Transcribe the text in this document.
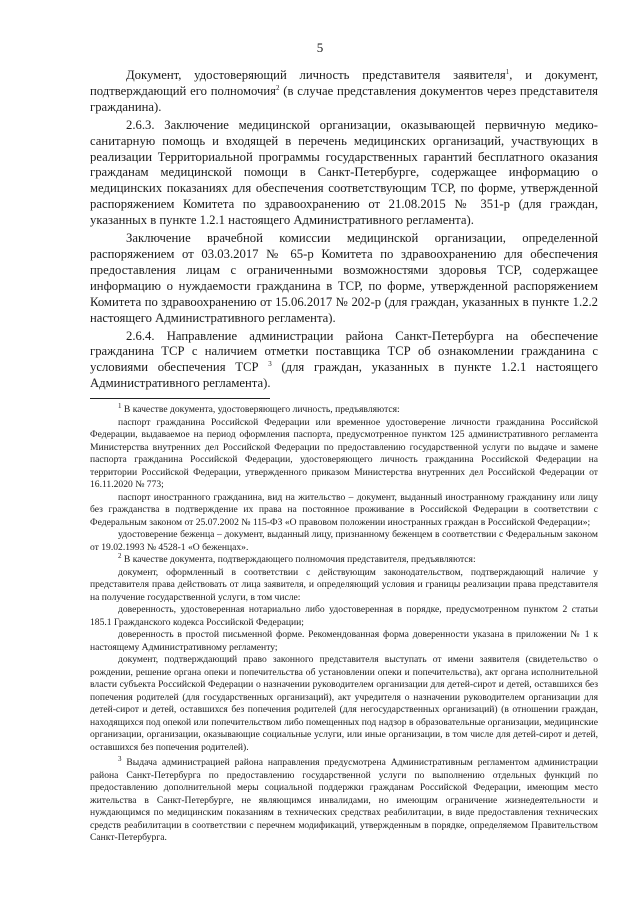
5

Документ, удостоверяющий личность представителя заявителя$^1$, и документ, подтверждающий его полномочия$^2$ (в случае представления документов через представителя гражданина).

2.6.3. Заключение медицинской организации, оказывающей первичную медико-санитарную помощь и входящей в перечень медицинских организаций, участвующих в реализации Территориальной программы государственных гарантий бесплатного оказания гражданам медицинской помощи в Санкт-Петербурге, содержащее информацию о медицинских показаниях для обеспечения соответствующим ТСР, по форме, утвержденной распоряжением Комитета по здравоохранению от 21.08.2015 № 351-р (для граждан, указанных в пункте 1.2.1 настоящего Административного регламента).

Заключение врачебной комиссии медицинской организации, определенной распоряжением от 03.03.2017 № 65-р Комитета по здравоохранению для обеспечения предоставления лицам с ограниченными возможностями здоровья ТСР, содержащее информацию о нуждаемости гражданина в ТСР, по форме, утвержденной распоряжением Комитета по здравоохранению от 15.06.2017 № 202-р (для граждан, указанных в пункте 1.2.2 настоящего Административного регламента).

2.6.4. Направление администрации района Санкт-Петербурга на обеспечение гражданина ТСР с наличием отметки поставщика ТСР об ознакомлении гражданина с условиями обеспечения ТСР $^3$ (для граждан, указанных в пункте 1.2.1 настоящего Административного регламента).

$^1$ В качестве документа, удостоверяющего личность, предъявляются:

паспорт гражданина Российской Федерации или временное удостоверение личности гражданина Российской Федерации, выдаваемое на период оформления паспорта, предусмотренное пунктом 125 административного регламента Министерства внутренних дел Российской Федерации по предоставлению государственной услуги по выдаче и замене паспорта гражданина Российской Федерации, удостоверяющего личность гражданина Российской Федерации на территории Российской Федерации, утвержденного приказом Министерства внутренних дел Российской Федерации от 16.11.2020 № 773;

паспорт иностранного гражданина, вид на жительство – документ, выданный иностранному гражданину или лицу без гражданства в подтверждение их права на постоянное проживание в Российской Федерации в соответствии с Федеральным законом от 25.07.2002 № 115-ФЗ «О правовом положении иностранных граждан в Российской Федерации»;

удостоверение беженца – документ, выданный лицу, признанному беженцем в соответствии с Федеральным законом от 19.02.1993 № 4528-1 «О беженцах».

$^2$ В качестве документа, подтверждающего полномочия представителя, предъявляются:

документ, оформленный в соответствии с действующим законодательством, подтверждающий наличие у представителя права действовать от лица заявителя, и определяющий условия и границы реализации права представителя на получение государственной услуги, в том числе:

доверенность, удостоверенная нотариально либо удостоверенная в порядке, предусмотренном пунктом 2 статьи 185.1 Гражданского кодекса Российской Федерации;

доверенность в простой письменной форме. Рекомендованная форма доверенности указана в приложении № 1 к настоящему Административному регламенту;

документ, подтверждающий право законного представителя выступать от имени заявителя (свидетельство о рождении, решение органа опеки и попечительства об установлении опеки и попечительства), акт органа исполнительной власти субъекта Российской Федерации о назначении руководителем организации для детей-сирот и детей, оставшихся без попечения родителей (для государственных организаций), акт учредителя о назначении руководителем организации для детей-сирот и детей, оставшихся без попечения родителей (для негосударственных организаций) (в отношении граждан, находящихся под опекой или попечительством либо помещенных под надзор в образовательные организации, медицинские организации, организации, оказывающие социальные услуги, или иные организации, в том числе для детей-сирот и детей, оставшихся без попечения родителей).

$^3$ Выдача администрацией района направления предусмотрена Административным регламентом администрации района Санкт-Петербурга по предоставлению государственной услуги по выполнению отдельных функций по предоставлению дополнительной меры социальной поддержки гражданам Российской Федерации, имеющим место жительства в Санкт-Петербурге, не являющимся инвалидами, но имеющим ограничение жизнедеятельности и нуждающимся по медицинским показаниям в технических средствах реабилитации, в виде предоставления технических средств реабилитации в соответствии с перечнем модификаций, утвержденным в порядке, определяемом Правительством Санкт-Петербурга.
